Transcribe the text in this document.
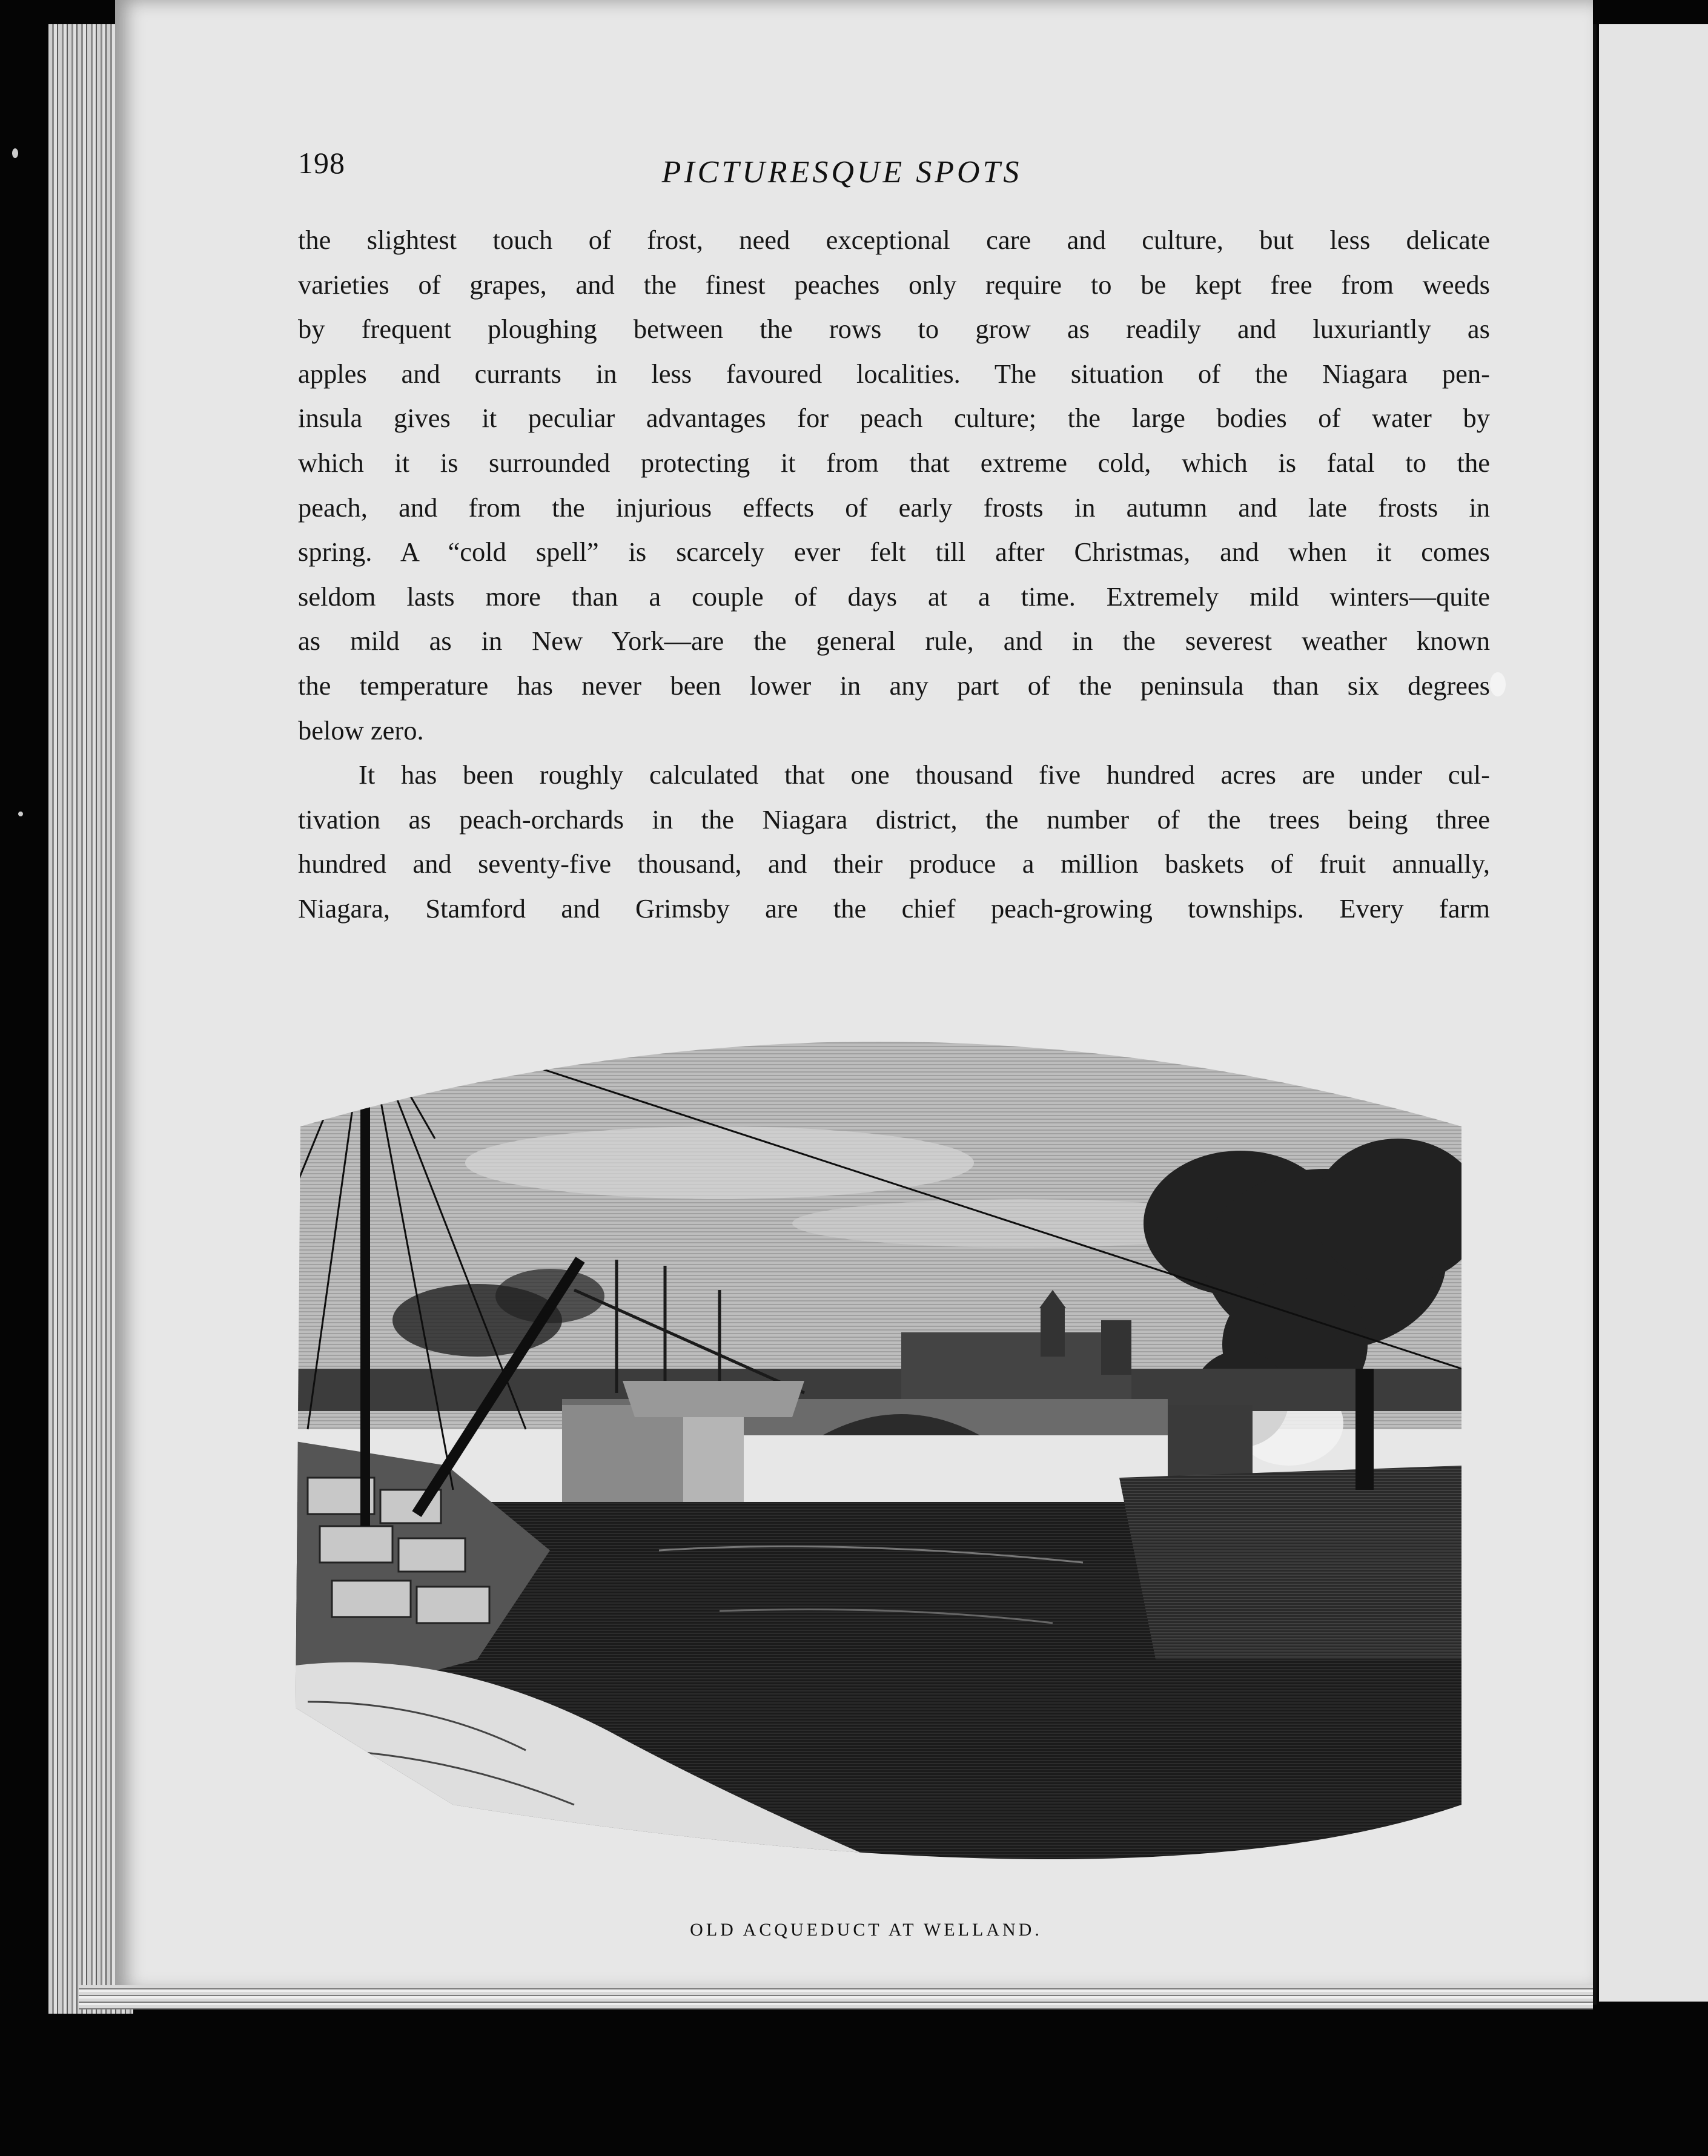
198	PICTURESQUE SPOTS

the slightest touch of frost, need exceptional care and culture, but less delicate
varieties of grapes, and the finest peaches only require to be kept free from weeds
by frequent ploughing between the rows to grow as readily and luxuriantly as
apples and currants in less favoured localities. The situation of the Niagara pen-
insula gives it peculiar advantages for peach culture; the large bodies of water by
which it is surrounded protecting it from that extreme cold, which is fatal to the
peach, and from the injurious effects of early frosts in autumn and late frosts in
spring. A “cold spell” is scarcely ever felt till after Christmas, and when it comes
seldom lasts more than a couple of days at a time. Extremely mild winters—quite
as mild as in New York—are the general rule, and in the severest weather known
the temperature has never been lower in any part of the peninsula than six degrees
below zero.

It has been roughly calculated that one thousand five hundred acres are under cul-
tivation as peach-orchards in the Niagara district, the number of the trees being three
hundred and seventy-five thousand, and their produce a million baskets of fruit annually,
Niagara, Stamford and Grimsby are the chief peach-growing townships. Every farm

OLD ACQUEDUCT AT WELLAND.
